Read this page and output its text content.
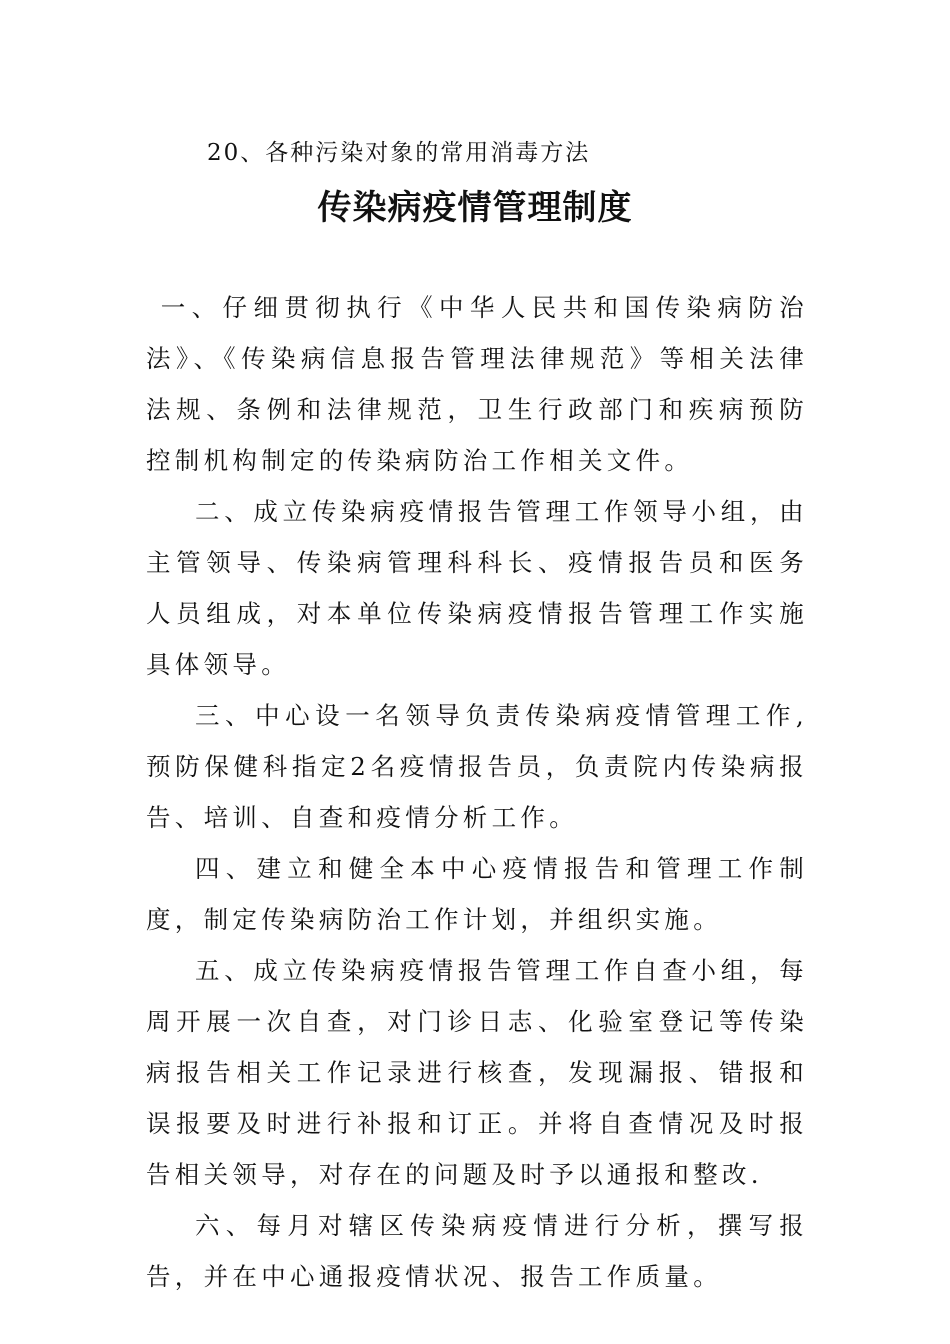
20、各种污染对象的常用消毒方法
传染病疫情管理制度

一、仔细贯彻执行《中华人民共和国传染病防治法》、《传染病信息报告管理法律规范》等相关法律法规、条例和法律规范，卫生行政部门和疾病预防控制机构制定的传染病防治工作相关文件。

二、成立传染病疫情报告管理工作领导小组，由主管领导、传染病管理科科长、疫情报告员和医务人员组成，对本单位传染病疫情报告管理工作实施具体领导。

三、中心设一名领导负责传染病疫情管理工作,预防保健科指定2名疫情报告员，负责院内传染病报告、培训、自查和疫情分析工作。

四、建立和健全本中心疫情报告和管理工作制度，制定传染病防治工作计划，并组织实施。

五、成立传染病疫情报告管理工作自查小组，每周开展一次自查，对门诊日志、化验室登记等传染病报告相关工作记录进行核查，发现漏报、错报和误报要及时进行补报和订正。并将自查情况及时报告相关领导，对存在的问题及时予以通报和整改.

六、每月对辖区传染病疫情进行分析，撰写报告，并在中心通报疫情状况、报告工作质量。
